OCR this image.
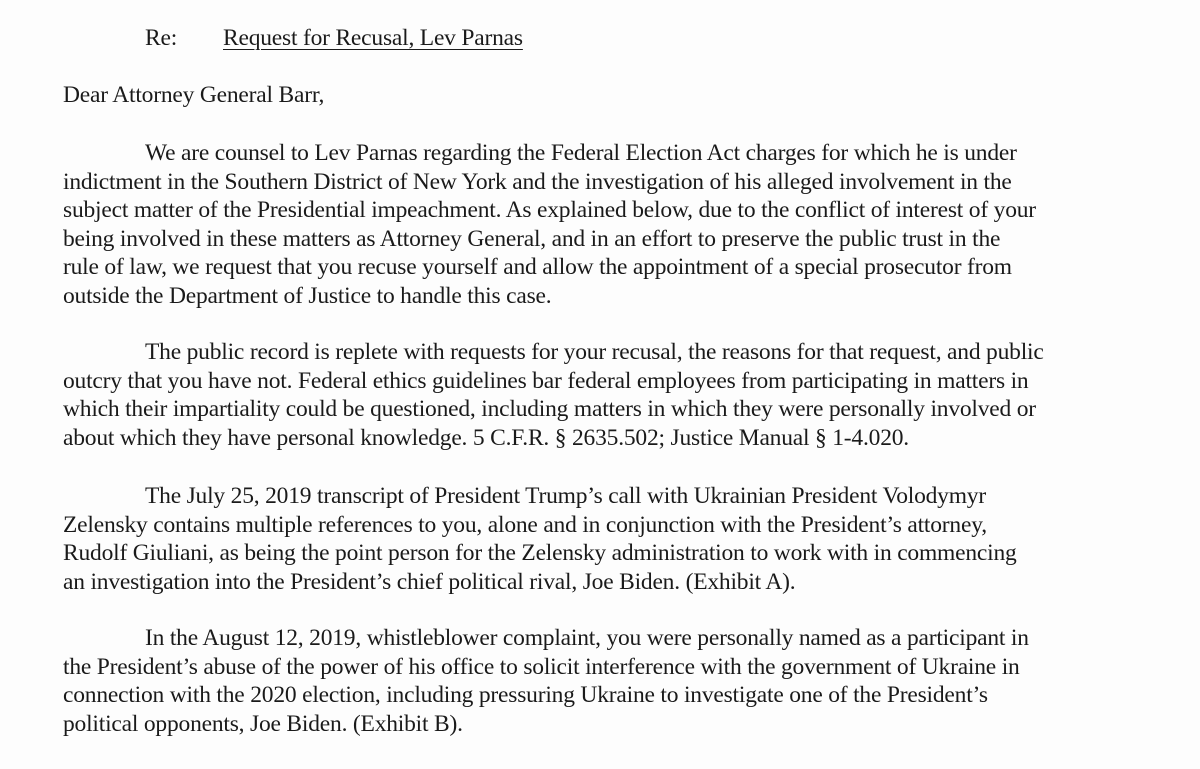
Re: Request for Recusal, Lev Parnas
Dear Attorney General Barr,
We are counsel to Lev Parnas regarding the Federal Election Act charges for which he is under
indictment in the Southern District of New York and the investigation of his alleged involvement in the
subject matter of the Presidential impeachment. As explained below, due to the conflict of interest of your
being involved in these matters as Attorney General, and in an effort to preserve the public trust in the
rule of law, we request that you recuse yourself and allow the appointment of a special prosecutor from
outside the Department of Justice to handle this case.
The public record is replete with requests for your recusal, the reasons for that request, and public
outcry that you have not. Federal ethics guidelines bar federal employees from participating in matters in
which their impartiality could be questioned, including matters in which they were personally involved or
about which they have personal knowledge. 5 C.F.R. § 2635.502; Justice Manual § 1-4.020.
The July 25, 2019 transcript of President Trump’s call with Ukrainian President Volodymyr
Zelensky contains multiple references to you, alone and in conjunction with the President’s attorney,
Rudolf Giuliani, as being the point person for the Zelensky administration to work with in commencing
an investigation into the President’s chief political rival, Joe Biden. (Exhibit A).
In the August 12, 2019, whistleblower complaint, you were personally named as a participant in
the President’s abuse of the power of his office to solicit interference with the government of Ukraine in
connection with the 2020 election, including pressuring Ukraine to investigate one of the President’s
political opponents, Joe Biden. (Exhibit B).
